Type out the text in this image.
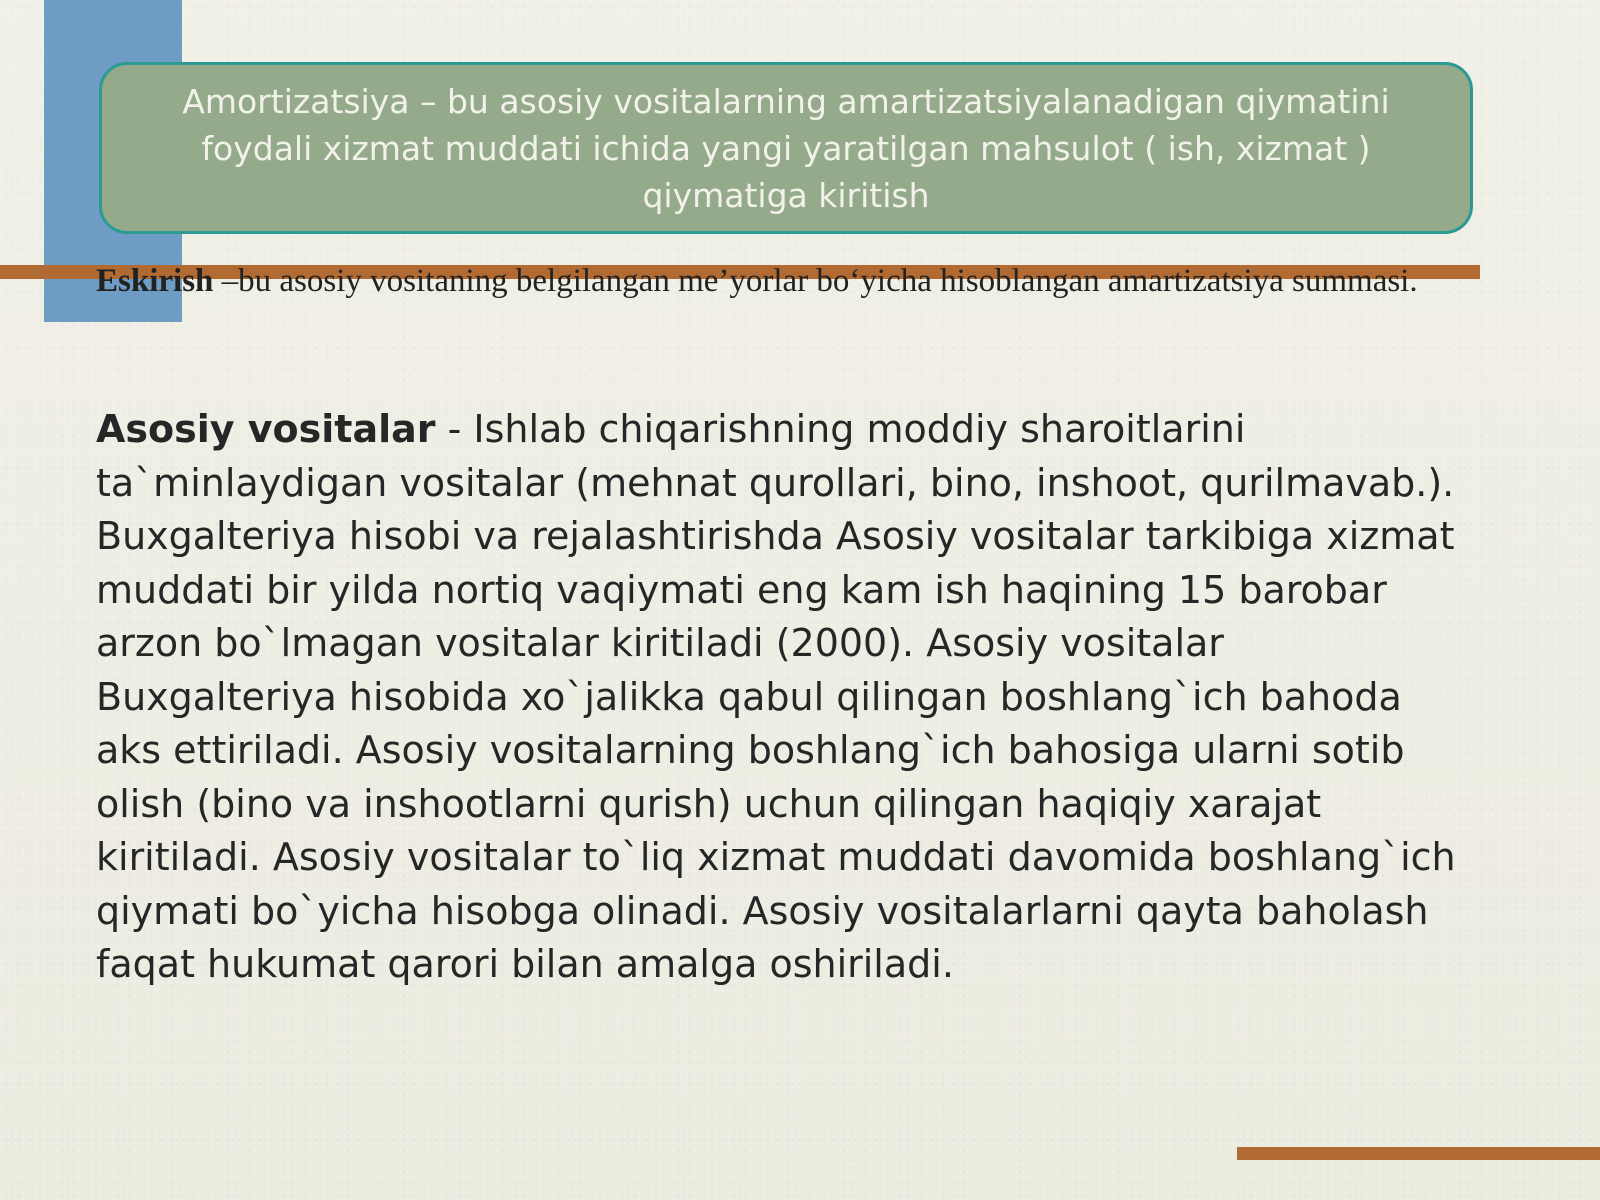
Amortizatsiya – bu asosiy vositalarning amartizatsiyalanadigan qiymatini foydali xizmat muddati ichida yangi yaratilgan mahsulot ( ish, xizmat ) qiymatiga kiritish

Eskirish –bu asosiy vositaning belgilangan me’yorlar bo‘yicha hisoblangan amartizatsiya summasi.

Asosiy vositalar - Ishlab chiqarishning moddiy sharoitlarini ta`minlaydigan vositalar (mehnat qurollari, bino, inshoot, qurilmavab.). Buxgalteriya hisobi va rejalashtirishda Asosiy vositalar tarkibiga xizmat muddati bir yilda nortiq vaqiymati eng kam ish haqining 15 barobar arzon bo`lmagan vositalar kiritiladi (2000). Asosiy vositalar Buxgalteriya hisobida xo`jalikka qabul qilingan boshlang`ich bahoda aks ettiriladi. Asosiy vositalarning boshlang`ich bahosiga ularni sotib olish (bino va inshootlarni qurish) uchun qilingan haqiqiy xarajat kiritiladi. Asosiy vositalar to`liq xizmat muddati davomida boshlang`ich qiymati bo`yicha hisobga olinadi. Asosiy vositalarlarni qayta baholash faqat hukumat qarori bilan amalga oshiriladi.
